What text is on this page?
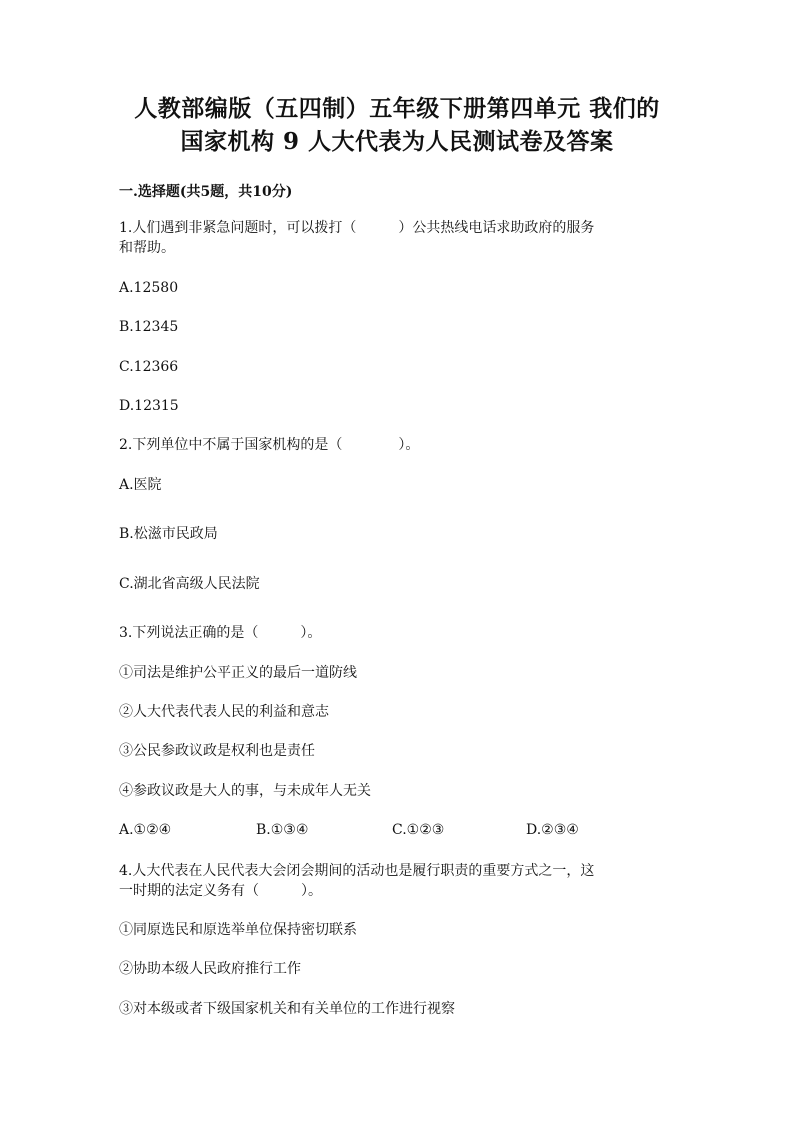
人教部编版（五四制）五年级下册第四单元 我们的
国家机构 9 人大代表为人民测试卷及答案
一.选择题(共5题，共10分)
1.人们遇到非紧急问题时，可以拨打（　　　）公共热线电话求助政府的服务
和帮助。
A.12580
B.12345
C.12366
D.12315
2.下列单位中不属于国家机构的是（　　　　）。
A.医院
B.松滋市民政局
C.湖北省高级人民法院
3.下列说法正确的是（　　　）。
①司法是维护公平正义的最后一道防线
②人大代表代表人民的利益和意志
③公民参政议政是权利也是责任
④参政议政是大人的事，与未成年人无关
A.①②④	B.①③④	C.①②③	D.②③④
4.人大代表在人民代表大会闭会期间的活动也是履行职责的重要方式之一，这
一时期的法定义务有（　　　）。
①同原选民和原选举单位保持密切联系
②协助本级人民政府推行工作
③对本级或者下级国家机关和有关单位的工作进行视察
